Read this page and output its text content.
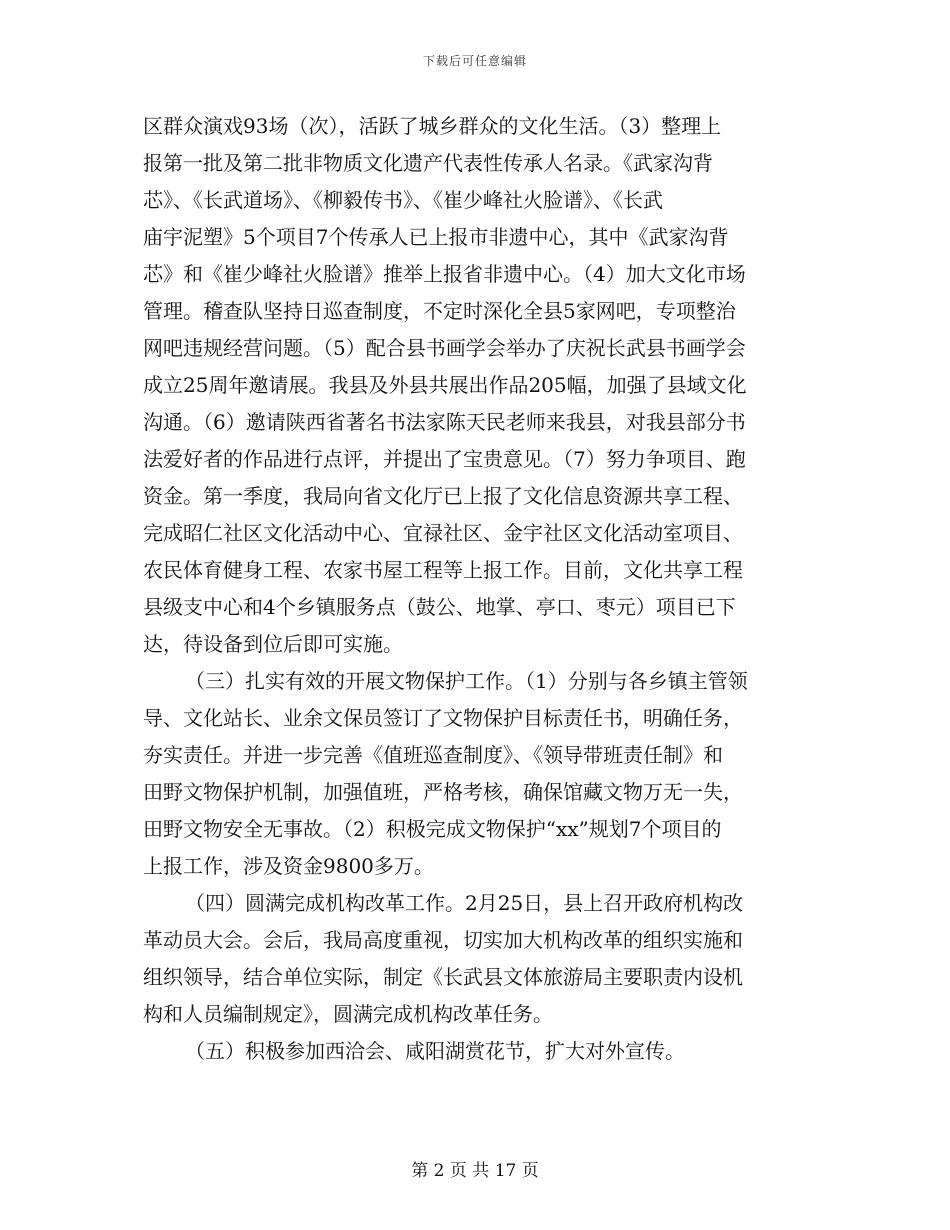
下载后可任意编辑
区群众演戏93场（次），活跃了城乡群众的文化生活。（3）整理上
报第一批及第二批非物质文化遗产代表性传承人名录。《武家沟背
芯》、《长武道场》、《柳毅传书》、《崔少峰社火脸谱》、《长武
庙宇泥塑》5个项目7个传承人已上报市非遗中心，其中《武家沟背
芯》和《崔少峰社火脸谱》推举上报省非遗中心。（4）加大文化市场
管理。稽查队坚持日巡查制度，不定时深化全县5家网吧，专项整治
网吧违规经营问题。（5）配合县书画学会举办了庆祝长武县书画学会
成立25周年邀请展。我县及外县共展出作品205幅，加强了县域文化
沟通。（6）邀请陕西省著名书法家陈天民老师来我县，对我县部分书
法爱好者的作品进行点评，并提出了宝贵意见。（7）努力争项目、跑
资金。第一季度，我局向省文化厅已上报了文化信息资源共享工程、
完成昭仁社区文化活动中心、宜禄社区、金宇社区文化活动室项目、
农民体育健身工程、农家书屋工程等上报工作。目前，文化共享工程
县级支中心和4个乡镇服务点（鼓公、地掌、亭口、枣元）项目已下
达，待设备到位后即可实施。
（三）扎实有效的开展文物保护工作。（1）分别与各乡镇主管领
导、文化站长、业余文保员签订了文物保护目标责任书，明确任务，
夯实责任。并进一步完善《值班巡查制度》、《领导带班责任制》和
田野文物保护机制，加强值班，严格考核，确保馆藏文物万无一失，
田野文物安全无事故。（2）积极完成文物保护“xx”规划7个项目的
上报工作，涉及资金9800多万。
（四）圆满完成机构改革工作。2月25日，县上召开政府机构改
革动员大会。会后，我局高度重视，切实加大机构改革的组织实施和
组织领导，结合单位实际，制定《长武县文体旅游局主要职责内设机
构和人员编制规定》，圆满完成机构改革任务。
（五）积极参加西洽会、咸阳湖赏花节，扩大对外宣传。
第 2 页 共 17 页
